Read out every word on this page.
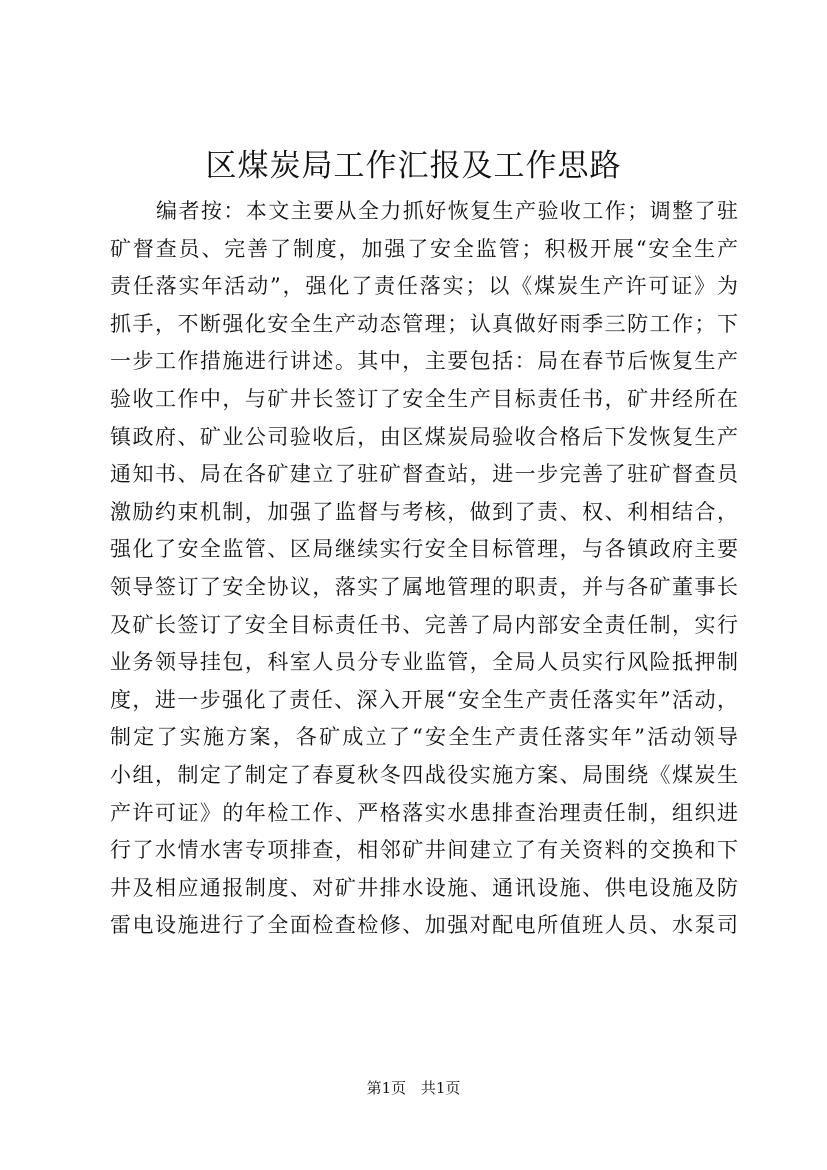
区煤炭局工作汇报及工作思路
编者按：本文主要从全力抓好恢复生产验收工作；调整了驻
矿督查员、完善了制度，加强了安全监管；积极开展“安全生产
责任落实年活动”，强化了责任落实；以《煤炭生产许可证》为
抓手，不断强化安全生产动态管理；认真做好雨季三防工作；下
一步工作措施进行讲述。其中，主要包括：局在春节后恢复生产
验收工作中，与矿井长签订了安全生产目标责任书，矿井经所在
镇政府、矿业公司验收后，由区煤炭局验收合格后下发恢复生产
通知书、局在各矿建立了驻矿督查站，进一步完善了驻矿督查员
激励约束机制，加强了监督与考核，做到了责、权、利相结合，
强化了安全监管、区局继续实行安全目标管理，与各镇政府主要
领导签订了安全协议，落实了属地管理的职责，并与各矿董事长
及矿长签订了安全目标责任书、完善了局内部安全责任制，实行
业务领导挂包，科室人员分专业监管，全局人员实行风险抵押制
度，进一步强化了责任、深入开展“安全生产责任落实年”活动，
制定了实施方案，各矿成立了“安全生产责任落实年”活动领导
小组，制定了制定了春夏秋冬四战役实施方案、局围绕《煤炭生
产许可证》的年检工作、严格落实水患排查治理责任制，组织进
行了水情水害专项排查，相邻矿井间建立了有关资料的交换和下
井及相应通报制度、对矿井排水设施、通讯设施、供电设施及防
雷电设施进行了全面检查检修、加强对配电所值班人员、水泵司
第1页 共1页
